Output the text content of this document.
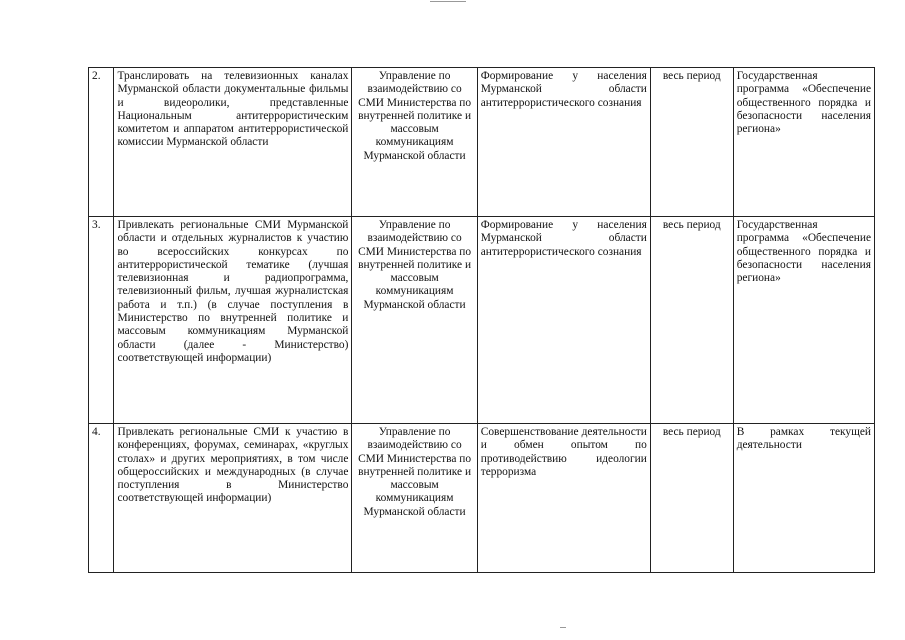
2.	Транслировать на телевизионных каналах Мурманской области документальные фильмы и видеоролики, представленные Национальным антитеррористическим комитетом и аппаратом антитеррористической комиссии Мурманской области	Управление по взаимодействию со СМИ Министерства по внутренней политике и массовым коммуникациям Мурманской области	Формирование у населения Мурманской области антитеррористического сознания	весь период	Государственная программа «Обеспечение общественного порядка и безопасности населения региона»
3.	Привлекать региональные СМИ Мурманской области и отдельных журналистов к участию во всероссийских конкурсах по антитеррористической тематике (лучшая телевизионная и радиопрограмма, телевизионный фильм, лучшая журналистская работа и т.п.) (в случае поступления в Министерство по внутренней политике и массовым коммуникациям Мурманской области (далее - Министерство) соответствующей информации)	Управление по взаимодействию со СМИ Министерства по внутренней политике и массовым коммуникациям Мурманской области	Формирование у населения Мурманской области антитеррористического сознания	весь период	Государственная программа «Обеспечение общественного порядка и безопасности населения региона»
4.	Привлекать региональные СМИ к участию в конференциях, форумах, семинарах, «круглых столах» и других мероприятиях, в том числе общероссийских и международных (в случае поступления в Министерство соответствующей информации)	Управление по взаимодействию со СМИ Министерства по внутренней политике и массовым коммуникациям Мурманской области	Совершенствование деятельности и обмен опытом по противодействию идеологии терроризма	весь период	В рамках текущей деятельности
